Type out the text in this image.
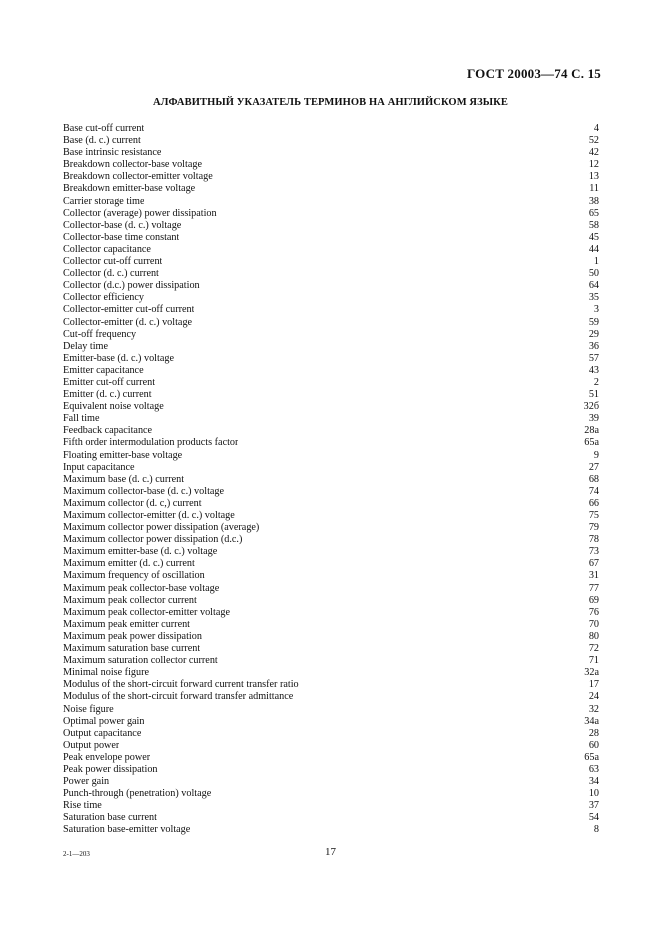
ГОСТ 20003—74 С. 15
АЛФАВИТНЫЙ УКАЗАТЕЛЬ ТЕРМИНОВ НА АНГЛИЙСКОМ ЯЗЫКЕ
Base cut-off current	4
Base (d. c.) current	52
Base intrinsic resistance	42
Breakdown collector-base voltage	12
Breakdown collector-emitter voltage	13
Breakdown emitter-base voltage	11
Carrier storage time	38
Collector (average) power dissipation	65
Collector-base (d. c.) voltage	58
Collector-base time constant	45
Collector capacitance	44
Collector cut-off current	1
Collector (d. c.) current	50
Collector (d.c.) power dissipation	64
Collector efficiency	35
Collector-emitter cut-off current	3
Collector-emitter (d. c.) voltage	59
Cut-off frequency	29
Delay time	36
Emitter-base (d. c.) voltage	57
Emitter capacitance	43
Emitter cut-off current	2
Emitter (d. c.) current	51
Equivalent noise voltage	32б
Fall time	39
Feedback capacitance	28а
Fifth order intermodulation products factor	65а
Floating emitter-base voltage	9
Input capacitance	27
Maximum base (d. c.) current	68
Maximum collector-base (d. c.) voltage	74
Maximum collector (d. c,) current	66
Maximum collector-emitter (d. c.) voltage	75
Maximum collector power dissipation (average)	79
Maximum collector power dissipation (d.c.)	78
Maximum emitter-base (d. c.) voltage	73
Maximum emitter (d. c.) current	67
Maximum frequency of oscillation	31
Maximum peak collector-base voltage	77
Maximum peak collector current	69
Maximum peak collector-emitter voltage	76
Maximum peak emitter current	70
Maximum peak power dissipation	80
Maximum saturation base current	72
Maximum saturation collector current	71
Minimal noise figure	32а
Modulus of the short-circuit forward current transfer ratio	17
Modulus of the short-circuit forward transfer admittance	24
Noise figure	32
Optimal power gain	34а
Output capacitance	28
Output power	60
Peak envelope power	65а
Peak power dissipation	63
Power gain	34
Punch-through (penetration) voltage	10
Rise time	37
Saturation base current	54
Saturation base-emitter voltage	8
2-1—203	17
